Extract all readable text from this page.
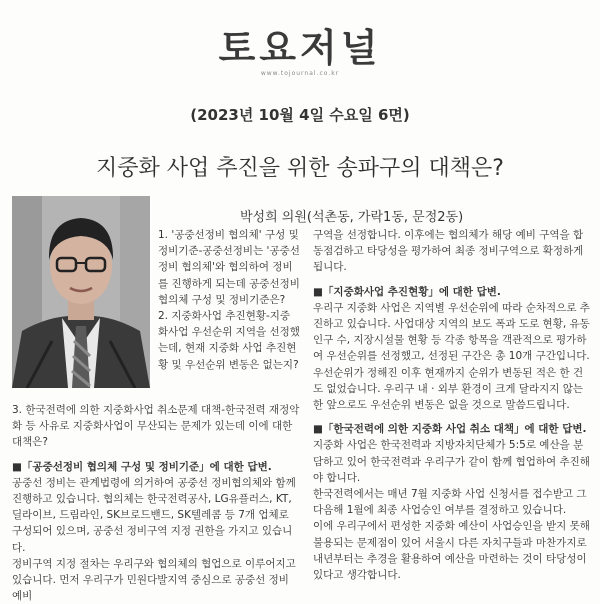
토요저널
www.tojournal.co.kr
(2023년 10월 4일 수요일 6면)
지중화 사업 추진을 위한 송파구의 대책은?
박성희 의원(석촌동, 가락1동, 문정2동)

1. '공중선정비 협의체' 구성 및 정비기준-공중선정비는 '공중선정비 협의체'와 협의하여 정비를 진행하게 되는데 공중선정비 협의체 구성 및 정비기준은?

2. 지중화사업 추진현황-지중화사업 우선순위 지역을 선정했는데, 현재 지중화 사업 추진현황 및 우선순위 변동은 없는지?

3. 한국전력에 의한 지중화사업 취소문제 대책-한국전력 재정악화 등 사유로 지중화사업이 무산되는 문제가 있는데 이에 대한 대책은?

■「공중선정비 협의체 구성 및 정비기준」에 대한 답변.

공중선 정비는 관계법령에 의거하여 공중선 정비협의체와 함께 진행하고 있습니다. 협의체는 한국전력공사, LG유플러스, KT, 딜라이브, 드림라인, SK브로드밴드, SK텔레콤 등 7개 업체로 구성되어 있으며, 공중선 정비구역 지정 권한을 가지고 있습니다.

정비구역 지정 절차는 우리구와 협의체의 협업으로 이루어지고 있습니다. 먼저 우리구가 민원다발지역 중심으로 공중선 정비 예비

구역을 선정합니다. 이후에는 협의체가 해당 예비 구역을 합동점검하고 타당성을 평가하여 최종 정비구역으로 확정하게 됩니다.

■「지중화사업 추진현황」에 대한 답변.

우리구 지중화 사업은 지역별 우선순위에 따라 순차적으로 추진하고 있습니다. 사업대상 지역의 보도 폭과 도로 현황, 유동인구 수, 지장시설물 현황 등 각종 항목을 객관적으로 평가하여 우선순위를 선정했고, 선정된 구간은 총 10개 구간입니다.

우선순위가 정해진 이후 현재까지 순위가 변동된 적은 한 건도 없었습니다. 우리구 내 · 외부 환경이 크게 달라지지 않는 한 앞으로도 우선순위 변동은 없을 것으로 말씀드립니다.

■「한국전력에 의한 지중화 사업 취소 대책」에 대한 답변.

지중화 사업은 한국전력과 지방자치단체가 5:5로 예산을 분담하고 있어 한국전력과 우리구가 같이 함께 협업하여 추진해야 합니다.

한국전력에서는 매년 7월 지중화 사업 신청서를 접수받고 그 다음해 1월에 최종 사업승인 여부를 결정하고 있습니다.

이에 우리구에서 편성한 지중화 예산이 사업승인을 받지 못해 불용되는 문제점이 있어 서울시 다른 자치구들과 마찬가지로 내년부터는 추경을 활용하여 예산을 마련하는 것이 타당성이 있다고 생각합니다.
